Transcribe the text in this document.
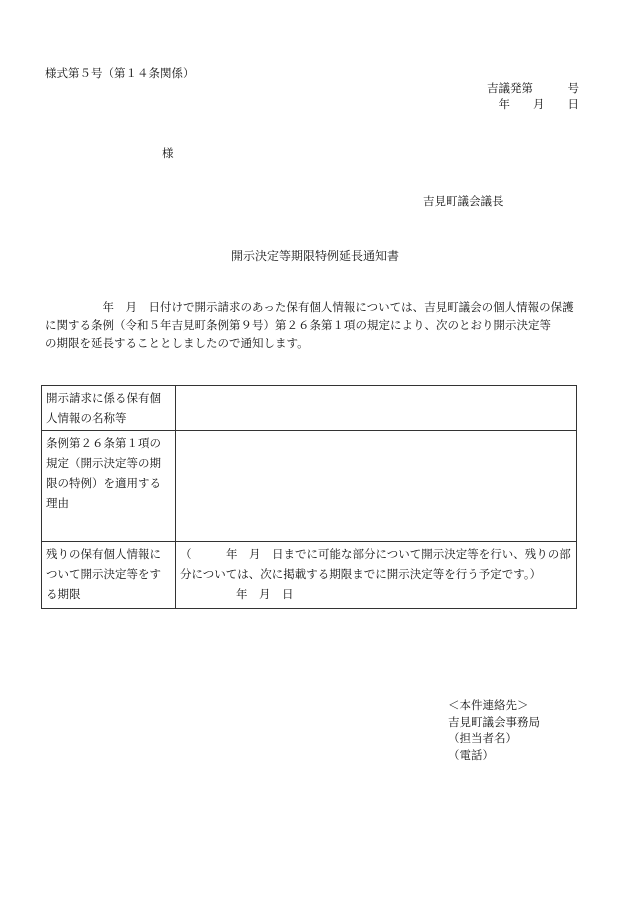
様式第５号（第１４条関係）
吉議発第　　　号
年　　月　　日
様
吉見町議会議長
開示決定等期限特例延長通知書

　　　　　年　月　日付けで開示請求のあった保有個人情報については、吉見町議会の個人情報の保護

に関する条例（令和５年吉見町条例第９号）第２６条第１項の規定により、次のとおり開示決定等

の期限を延長することとしましたので通知します。

開示請求に係る保有個
人情報の名称等	

条例第２６条第１項の
規定（開示決定等の期
限の特例）を適用する
理由	

残りの保有個人情報に
ついて開示決定等をす
る期限	（　　　年　月　日までに可能な部分について開示決定等を行い、残りの部
分については、次に掲載する期限までに開示決定等を行う予定です。）
年　月　日
＜本件連絡先＞
吉見町議会事務局
（担当者名）
（電話）
